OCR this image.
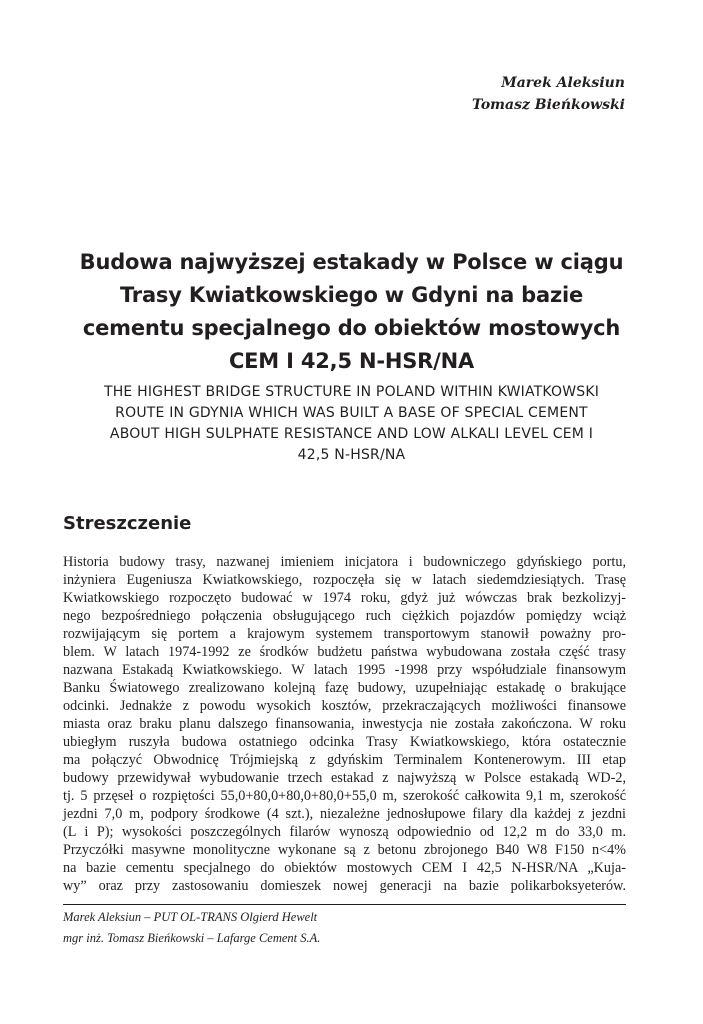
Marek Aleksiun
Tomasz Bieńkowski
Budowa najwyższej estakady w Polsce w ciągu
Trasy Kwiatkowskiego w Gdyni na bazie
cementu specjalnego do obiektów mostowych
CEM I 42,5 N-HSR/NA
THE HIGHEST BRIDGE STRUCTURE IN POLAND WITHIN KWIATKOWSKI
ROUTE IN GDYNIA WHICH WAS BUILT A BASE OF SPECIAL CEMENT
ABOUT HIGH SULPHATE RESISTANCE AND LOW ALKALI LEVEL CEM I
42,5 N-HSR/NA
Streszczenie
Historia budowy trasy, nazwanej imieniem inicjatora i budowniczego gdyńskiego portu,
inżyniera Eugeniusza Kwiatkowskiego, rozpoczęła się w latach siedemdziesiątych. Trasę
Kwiatkowskiego rozpoczęto budować w 1974 roku, gdyż już wówczas brak bezkolizyj-
nego bezpośredniego połączenia obsługującego ruch ciężkich pojazdów pomiędzy wciąż
rozwijającym się portem a krajowym systemem transportowym stanowił poważny pro-
blem. W latach 1974-1992 ze środków budżetu państwa wybudowana została część trasy
nazwana Estakadą Kwiatkowskiego. W latach 1995 -1998 przy współudziale finansowym
Banku Światowego zrealizowano kolejną fazę budowy, uzupełniając estakadę o brakujące
odcinki. Jednakże z powodu wysokich kosztów, przekraczających możliwości finansowe
miasta oraz braku planu dalszego finansowania, inwestycja nie została zakończona. W roku
ubiegłym ruszyła budowa ostatniego odcinka Trasy Kwiatkowskiego, która ostatecznie
ma połączyć Obwodnicę Trójmiejską z gdyńskim Terminalem Kontenerowym. III etap
budowy przewidywał wybudowanie trzech estakad z najwyższą w Polsce estakadą WD-2,
tj. 5 przęseł o rozpiętości 55,0+80,0+80,0+80,0+55,0 m, szerokość całkowita 9,1 m, szerokość
jezdni 7,0 m, podpory środkowe (4 szt.), niezależne jednosłupowe filary dla każdej z jezdni
(L i P); wysokości poszczególnych filarów wynoszą odpowiednio od 12,2 m do 33,0 m.
Przyczółki masywne monolityczne wykonane są z betonu zbrojonego B40 W8 F150 n<4%
na bazie cementu specjalnego do obiektów mostowych CEM I 42,5 N-HSR/NA „Kuja-
wy” oraz przy zastosowaniu domieszek nowej generacji na bazie polikarboksyeterów.
Marek Aleksiun – PUT OL-TRANS Olgierd Hewelt
mgr inż. Tomasz Bieńkowski – Lafarge Cement S.A.
